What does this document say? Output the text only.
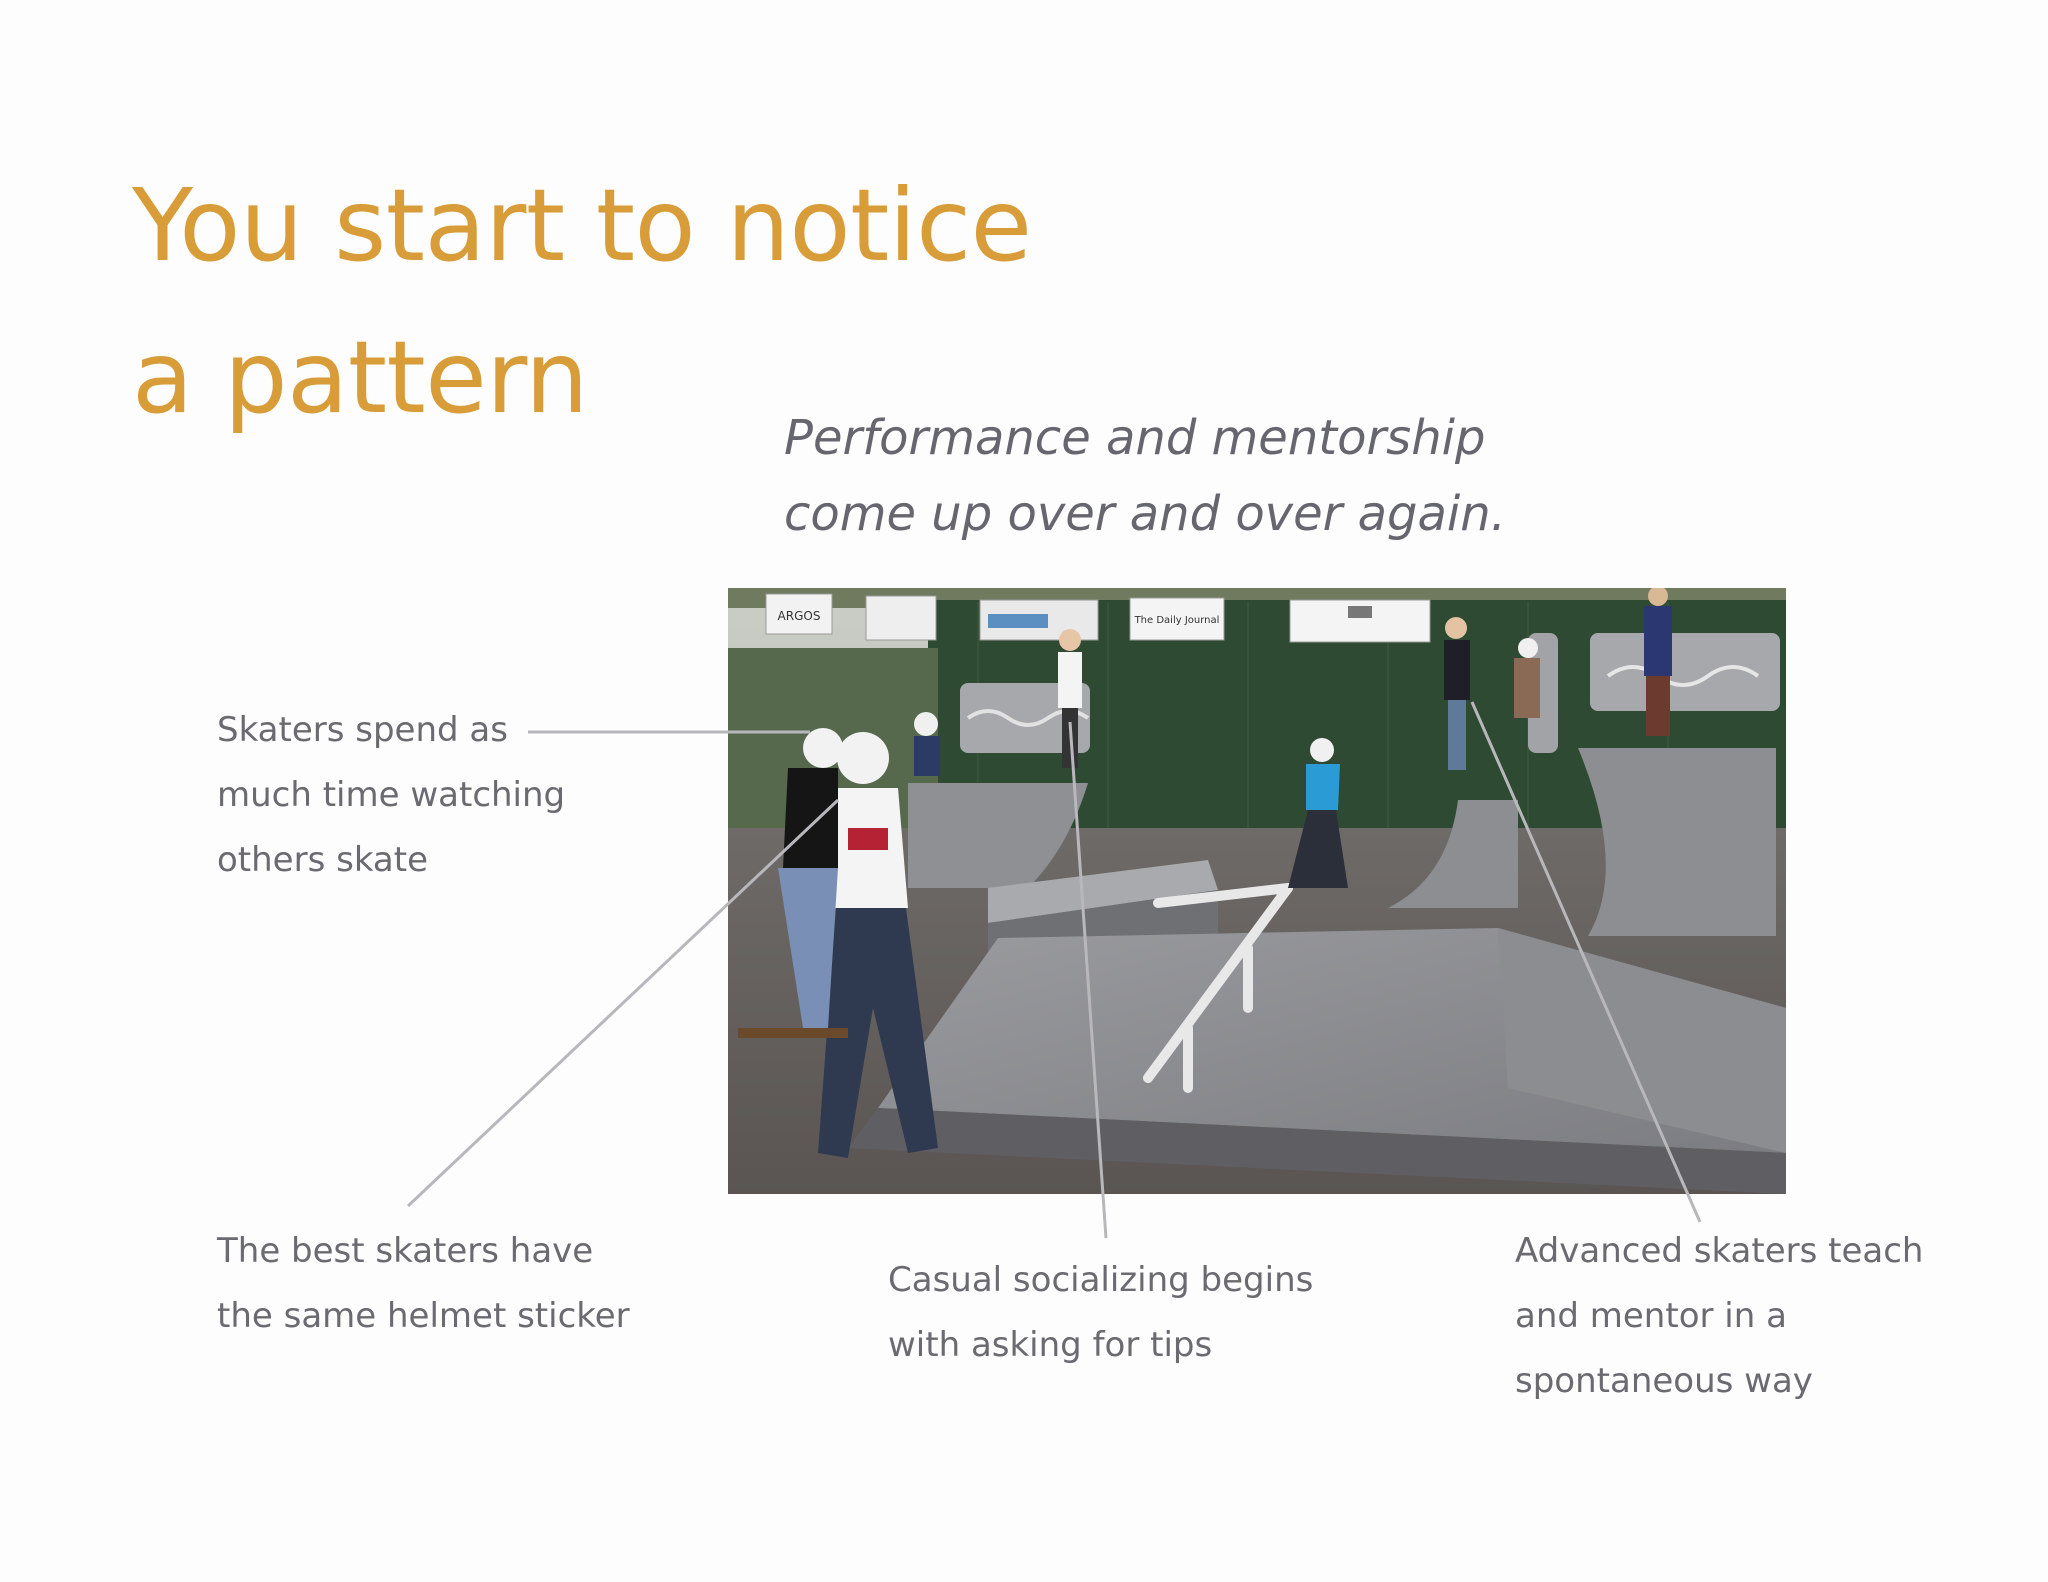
You start to notice
a pattern
Performance and mentorship
come up over and over again.
ARGOS	The Daily Journal
Skaters spend as
much time watching
others skate
The best skaters have
the same helmet sticker
Casual socializing begins
with asking for tips
Advanced skaters teach
and mentor in a
spontaneous way
